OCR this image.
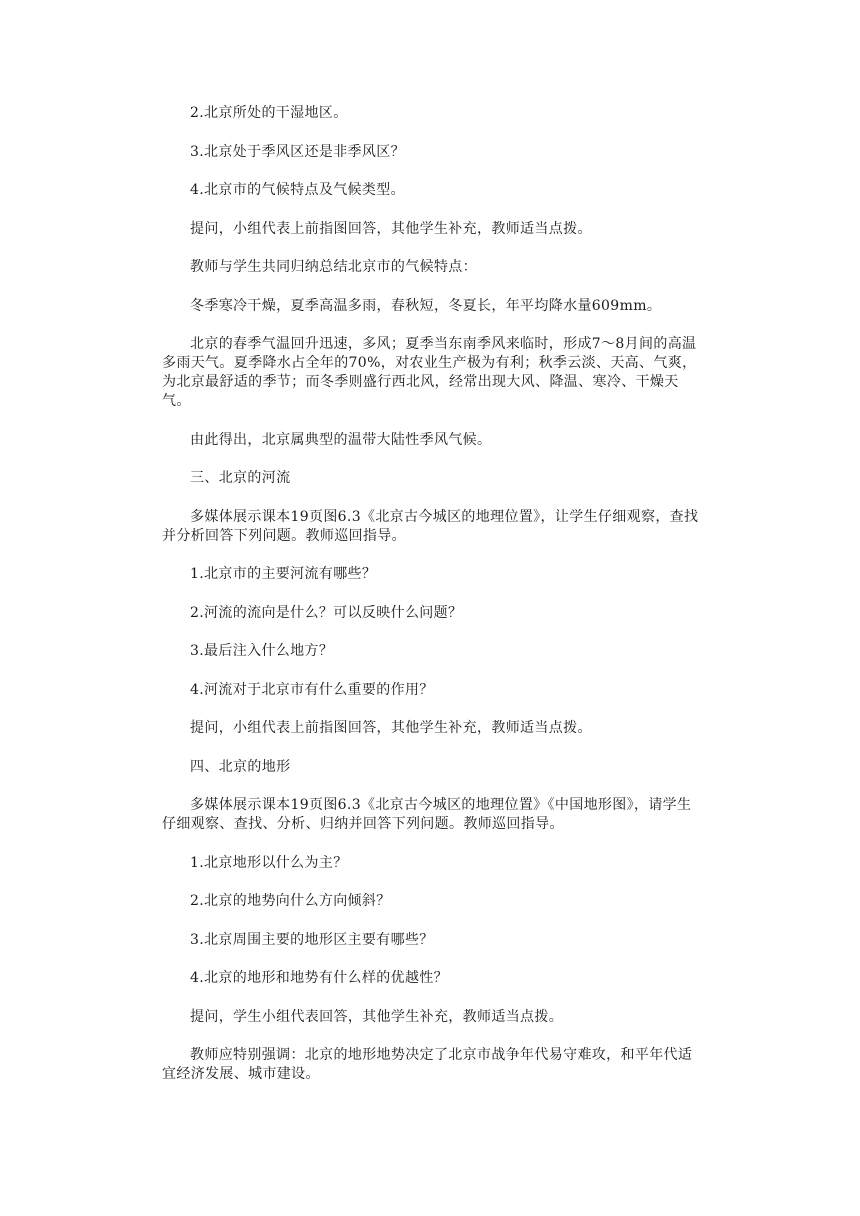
2.北京所处的干湿地区。

3.北京处于季风区还是非季风区？

4.北京市的气候特点及气候类型。

提问，小组代表上前指图回答，其他学生补充，教师适当点拨。

教师与学生共同归纳总结北京市的气候特点：

冬季寒冷干燥，夏季高温多雨，春秋短，冬夏长，年平均降水量609mm。

北京的春季气温回升迅速，多风；夏季当东南季风来临时，形成7～8月间的高温多雨天气。夏季降水占全年的70%，对农业生产极为有利；秋季云淡、天高、气爽，为北京最舒适的季节；而冬季则盛行西北风，经常出现大风、降温、寒冷、干燥天气。

由此得出，北京属典型的温带大陆性季风气候。

三、北京的河流

多媒体展示课本19页图6.3《北京古今城区的地理位置》，让学生仔细观察，查找并分析回答下列问题。教师巡回指导。

1.北京市的主要河流有哪些？

2.河流的流向是什么？可以反映什么问题？

3.最后注入什么地方？

4.河流对于北京市有什么重要的作用？

提问，小组代表上前指图回答，其他学生补充，教师适当点拨。

四、北京的地形

多媒体展示课本19页图6.3《北京古今城区的地理位置》《中国地形图》，请学生仔细观察、查找、分析、归纳并回答下列问题。教师巡回指导。

1.北京地形以什么为主？

2.北京的地势向什么方向倾斜？

3.北京周围主要的地形区主要有哪些？

4.北京的地形和地势有什么样的优越性？

提问，学生小组代表回答，其他学生补充，教师适当点拨。

教师应特别强调：北京的地形地势决定了北京市战争年代易守难攻，和平年代适宜经济发展、城市建设。
